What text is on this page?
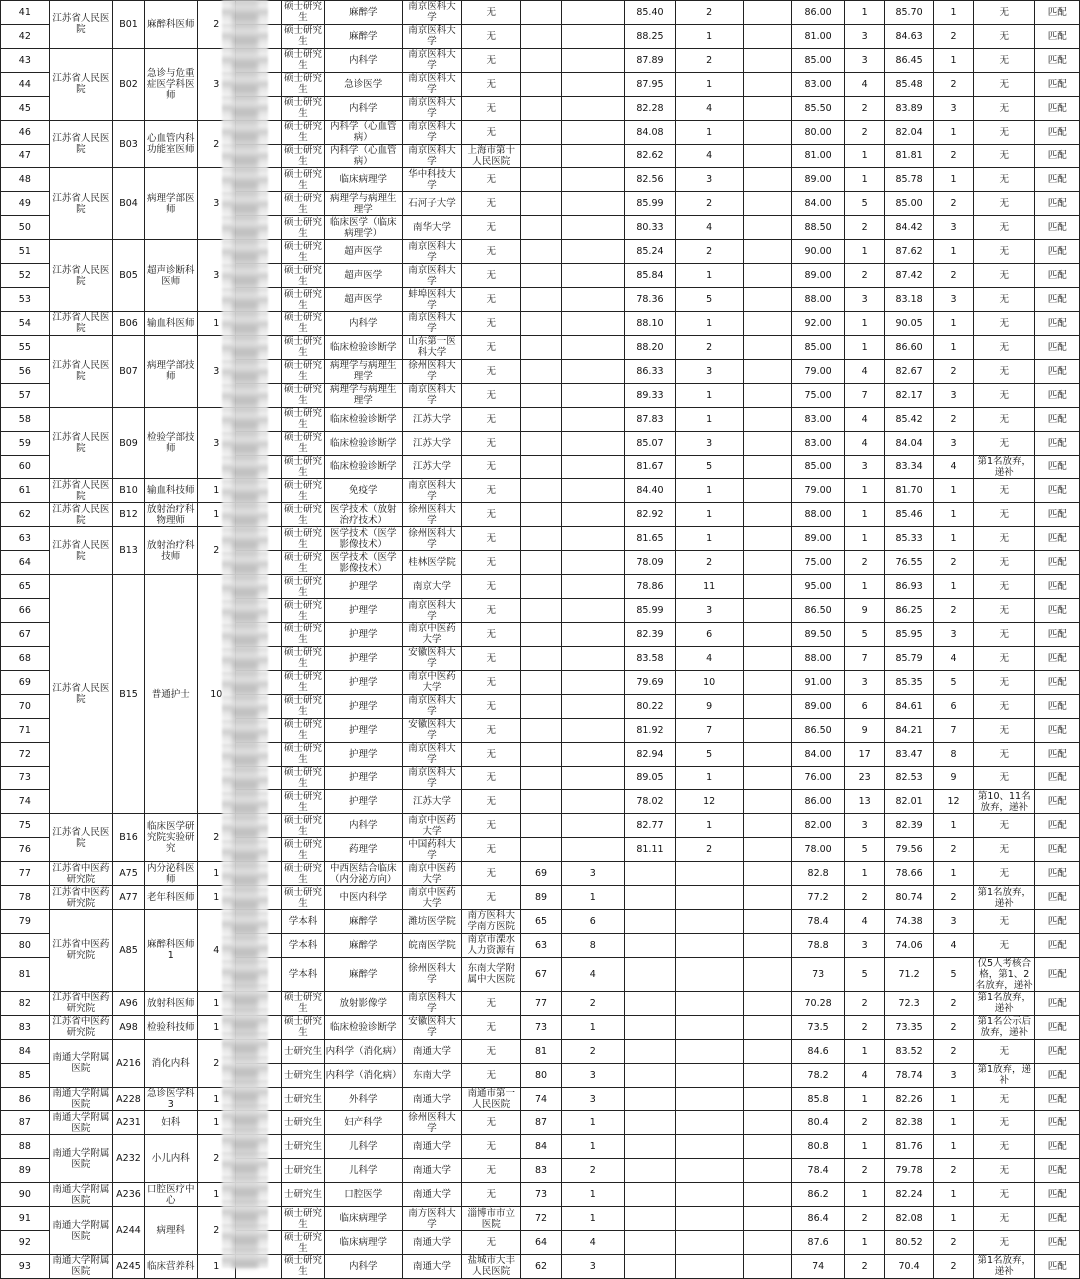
41	江苏省人民医院	B01	麻醉科医师	2		硕士研究生	麻醉学	南京医科大学	无			85.40	2		86.00	1	85.70	1	无	匹配
42						硕士研究生	麻醉学	南京医科大学	无			88.25	1		81.00	3	84.63	2	无	匹配
43	江苏省人民医院	B02	急诊与危重症医学科医师	3		硕士研究生	内科学	南京医科大学	无			87.89	2		85.00	3	86.45	1	无	匹配
44						硕士研究生	急诊医学	南京医科大学	无			87.95	1		83.00	4	85.48	2	无	匹配
45						硕士研究生	内科学	南京医科大学	无			82.28	4		85.50	2	83.89	3	无	匹配
46	江苏省人民医院	B03	心血管内科功能室医师	2		硕士研究生	内科学（心血管病）	南京医科大学	无			84.08	1		80.00	2	82.04	1	无	匹配
47						硕士研究生	内科学（心血管病）	南京医科大学	上海市第十人民医院			82.62	4		81.00	1	81.81	2	无	匹配
48	江苏省人民医院	B04	病理学部医师	3		硕士研究生	临床病理学	华中科技大学	无			82.56	3		89.00	1	85.78	1	无	匹配
49						硕士研究生	病理学与病理生理学	石河子大学	无			85.99	2		84.00	5	85.00	2	无	匹配
50						硕士研究生	临床医学（临床病理学）	南华大学	无			80.33	4		88.50	2	84.42	3	无	匹配
51	江苏省人民医院	B05	超声诊断科医师	3		硕士研究生	超声医学	南京医科大学	无			85.24	2		90.00	1	87.62	1	无	匹配
52						硕士研究生	超声医学	南京医科大学	无			85.84	1		89.00	2	87.42	2	无	匹配
53						硕士研究生	超声医学	蚌埠医科大学	无			78.36	5		88.00	3	83.18	3	无	匹配
54	江苏省人民医院	B06	输血科医师	1		硕士研究生	内科学	南京医科大学	无			88.10	1		92.00	1	90.05	1	无	匹配
55	江苏省人民医院	B07	病理学部技师	3		硕士研究生	临床检验诊断学	山东第一医科大学	无			88.20	2		85.00	1	86.60	1	无	匹配
56						硕士研究生	病理学与病理生理学	徐州医科大学	无			86.33	3		79.00	4	82.67	2	无	匹配
57						硕士研究生	病理学与病理生理学	南京医科大学	无			89.33	1		75.00	7	82.17	3	无	匹配
58	江苏省人民医院	B09	检验学部技师	3		硕士研究生	临床检验诊断学	江苏大学	无			87.83	1		83.00	4	85.42	2	无	匹配
59						硕士研究生	临床检验诊断学	江苏大学	无			85.07	3		83.00	4	84.04	3	无	匹配
60						硕士研究生	临床检验诊断学	江苏大学	无			81.67	5		85.00	3	83.34	4	第1名放弃，递补	匹配
61	江苏省人民医院	B10	输血科技师	1		硕士研究生	免疫学	南京医科大学	无			84.40	1		79.00	1	81.70	1	无	匹配
62	江苏省人民医院	B12	放射治疗科物理师	1		硕士研究生	医学技术（放射治疗技术）	徐州医科大学	无			82.92	1		88.00	1	85.46	1	无	匹配
63	江苏省人民医院	B13	放射治疗科技师	2		硕士研究生	医学技术（医学影像技术）	徐州医科大学	无			81.65	1		89.00	1	85.33	1	无	匹配
64						硕士研究生	医学技术（医学影像技术）	桂林医学院	无			78.09	2		75.00	2	76.55	2	无	匹配
65	江苏省人民医院	B15	普通护士	10		硕士研究生	护理学	南京大学	无			78.86	11		95.00	1	86.93	1	无	匹配
66						硕士研究生	护理学	南京医科大学	无			85.99	3		86.50	9	86.25	2	无	匹配
67						硕士研究生	护理学	南京中医药大学	无			82.39	6		89.50	5	85.95	3	无	匹配
68						硕士研究生	护理学	安徽医科大学	无			83.58	4		88.00	7	85.79	4	无	匹配
69						硕士研究生	护理学	南京中医药大学	无			79.69	10		91.00	3	85.35	5	无	匹配
70						硕士研究生	护理学	南京医科大学	无			80.22	9		89.00	6	84.61	6	无	匹配
71						硕士研究生	护理学	安徽医科大学	无			81.92	7		86.50	9	84.21	7	无	匹配
72						硕士研究生	护理学	南京医科大学	无			82.94	5		84.00	17	83.47	8	无	匹配
73						硕士研究生	护理学	南京医科大学	无			89.05	1		76.00	23	82.53	9	无	匹配
74						硕士研究生	护理学	江苏大学	无			78.02	12		86.00	13	82.01	12	第10、11名放弃，递补	匹配
75	江苏省人民医院	B16	临床医学研究院实验研究	2		硕士研究生	内科学	南京中医药大学	无			82.77	1		82.00	3	82.39	1	无	匹配
76						硕士研究生	药理学	中国药科大学	无			81.11	2		78.00	5	79.56	2	无	匹配
77	江苏省中医药研究院	A75	内分泌科医师	1		硕士研究生	中西医结合临床（内分泌方向）	南京中医药大学	无	69	3				82.8	1	78.66	1	无	匹配
78	江苏省中医药研究院	A77	老年科医师	1		硕士研究生	中医内科学	南京中医药大学	无	89	1				77.2	2	80.74	2	第1名放弃，递补	匹配
79	江苏省中医药研究院	A85	麻醉科医师1	4		学本科	麻醉学	潍坊医学院	南方医科大学南方医院	65	6				78.4	4	74.38	3	无	匹配
80						学本科	麻醉学	皖南医学院	南京市溧水人力资源有	63	8				78.8	3	74.06	4	无	匹配
81						学本科	麻醉学	徐州医科大学	东南大学附属中大医院	67	4				73	5	71.2	5	仅5人考核合格，第1、2名放弃，递补	匹配
82	江苏省中医药研究院	A96	放射科医师	1		硕士研究生	放射影像学	南京医科大学	无	77	2				70.28	2	72.3	2	第1名放弃，递补	匹配
83	江苏省中医药研究院	A98	检验科技师	1		硕士研究生	临床检验诊断学	安徽医科大学	无	73	1				73.5	2	73.35	2	第1名公示后放弃，递补	匹配
84	南通大学附属医院	A216	消化内科	2		士研究生	内科学（消化病）	南通大学	无	81	2				84.6	1	83.52	2	无	匹配
85						士研究生	内科学（消化病）	东南大学	无	80	3				78.2	4	78.74	3	第1放弃，递补	匹配
86	南通大学附属医院	A228	急诊医学科3	1		士研究生	外科学	南通大学	南通市第一人民医院	74	3				85.8	1	82.26	1	无	匹配
87	南通大学附属医院	A231	妇科	1		士研究生	妇产科学	徐州医科大学	无	87	1				80.4	2	82.38	1	无	匹配
88	南通大学附属医院	A232	小儿内科	2		士研究生	儿科学	南通大学	无	84	1				80.8	1	81.76	1	无	匹配
89						士研究生	儿科学	南通大学	无	83	2				78.4	2	79.78	2	无	匹配
90	南通大学附属医院	A236	口腔医疗中心	1		士研究生	口腔医学	南通大学	无	73	1				86.2	1	82.24	1	无	匹配
91	南通大学附属医院	A244	病理科	2		硕士研究生	临床病理学	南方医科大学	淄博市市立医院	72	1				86.4	2	82.08	1	无	匹配
92						硕士研究生	临床病理学	南通大学	无	64	4				87.6	1	80.52	2	无	匹配
93	南通大学附属医院	A245	临床营养科	1		硕士研究生	内科学	南通大学	盐城市大丰人民医院	62	3				74	2	70.4	2	第1名放弃，递补	匹配
